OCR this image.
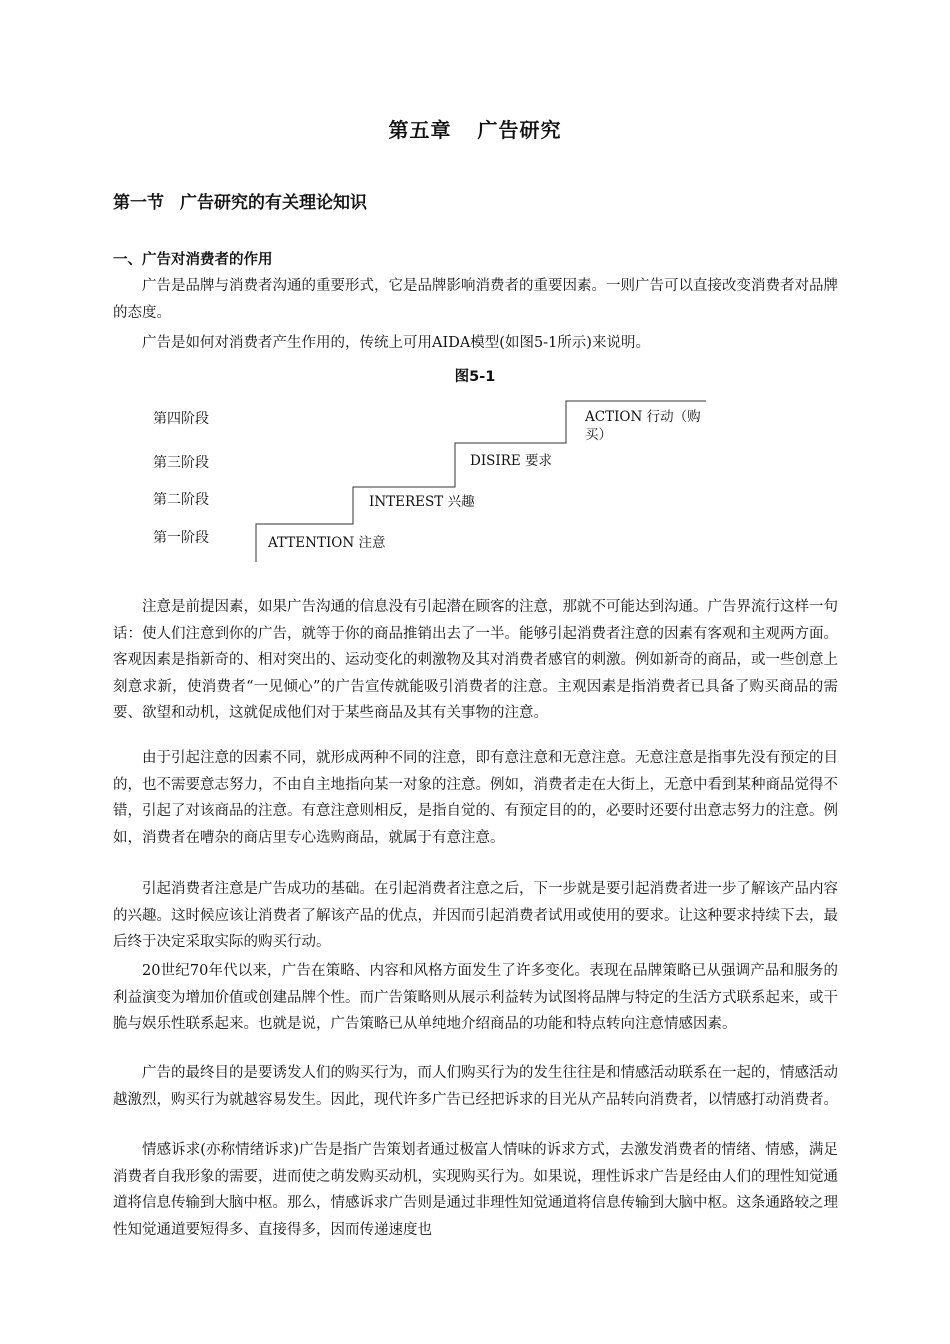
第五章 广告研究
第一节 广告研究的有关理论知识
一、广告对消费者的作用
广告是品牌与消费者沟通的重要形式，它是品牌影响消费者的重要因素。一则广告可以直接改变消费者对品牌的态度。
广告是如何对消费者产生作用的，传统上可用AIDA模型(如图5-1所示)来说明。
图5-1
第四阶段
第三阶段
第二阶段
第一阶段	ATTENTION 注意
INTEREST 兴趣
DISIRE 要求
ACTION 行动（购买）
注意是前提因素，如果广告沟通的信息没有引起潜在顾客的注意，那就不可能达到沟通。广告界流行这样一句话：使人们注意到你的广告，就等于你的商品推销出去了一半。能够引起消费者注意的因素有客观和主观两方面。客观因素是指新奇的、相对突出的、运动变化的刺激物及其对消费者感官的刺激。例如新奇的商品，或一些创意上刻意求新，使消费者“一见倾心”的广告宣传就能吸引消费者的注意。主观因素是指消费者已具备了购买商品的需要、欲望和动机，这就促成他们对于某些商品及其有关事物的注意。
由于引起注意的因素不同，就形成两种不同的注意，即有意注意和无意注意。无意注意是指事先没有预定的目的，也不需要意志努力，不由自主地指向某一对象的注意。例如，消费者走在大街上，无意中看到某种商品觉得不错，引起了对该商品的注意。有意注意则相反，是指自觉的、有预定目的的，必要时还要付出意志努力的注意。例如，消费者在嘈杂的商店里专心选购商品，就属于有意注意。
引起消费者注意是广告成功的基础。在引起消费者注意之后，下一步就是要引起消费者进一步了解该产品内容的兴趣。这时候应该让消费者了解该产品的优点，并因而引起消费者试用或使用的要求。让这种要求持续下去，最后终于决定采取实际的购买行动。
20世纪70年代以来，广告在策略、内容和风格方面发生了许多变化。表现在品牌策略已从强调产品和服务的利益演变为增加价值或创建品牌个性。而广告策略则从展示利益转为试图将品牌与特定的生活方式联系起来，或干脆与娱乐性联系起来。也就是说，广告策略已从单纯地介绍商品的功能和特点转向注意情感因素。
广告的最终目的是要诱发人们的购买行为，而人们购买行为的发生往往是和情感活动联系在一起的，情感活动越激烈，购买行为就越容易发生。因此，现代许多广告已经把诉求的目光从产品转向消费者，以情感打动消费者。
情感诉求(亦称情绪诉求)广告是指广告策划者通过极富人情味的诉求方式，去激发消费者的情绪、情感，满足消费者自我形象的需要，进而使之萌发购买动机，实现购买行为。如果说，理性诉求广告是经由人们的理性知觉通道将信息传输到大脑中枢。那么，情感诉求广告则是通过非理性知觉通道将信息传输到大脑中枢。这条通路较之理性知觉通道要短得多、直接得多，因而传递速度也
